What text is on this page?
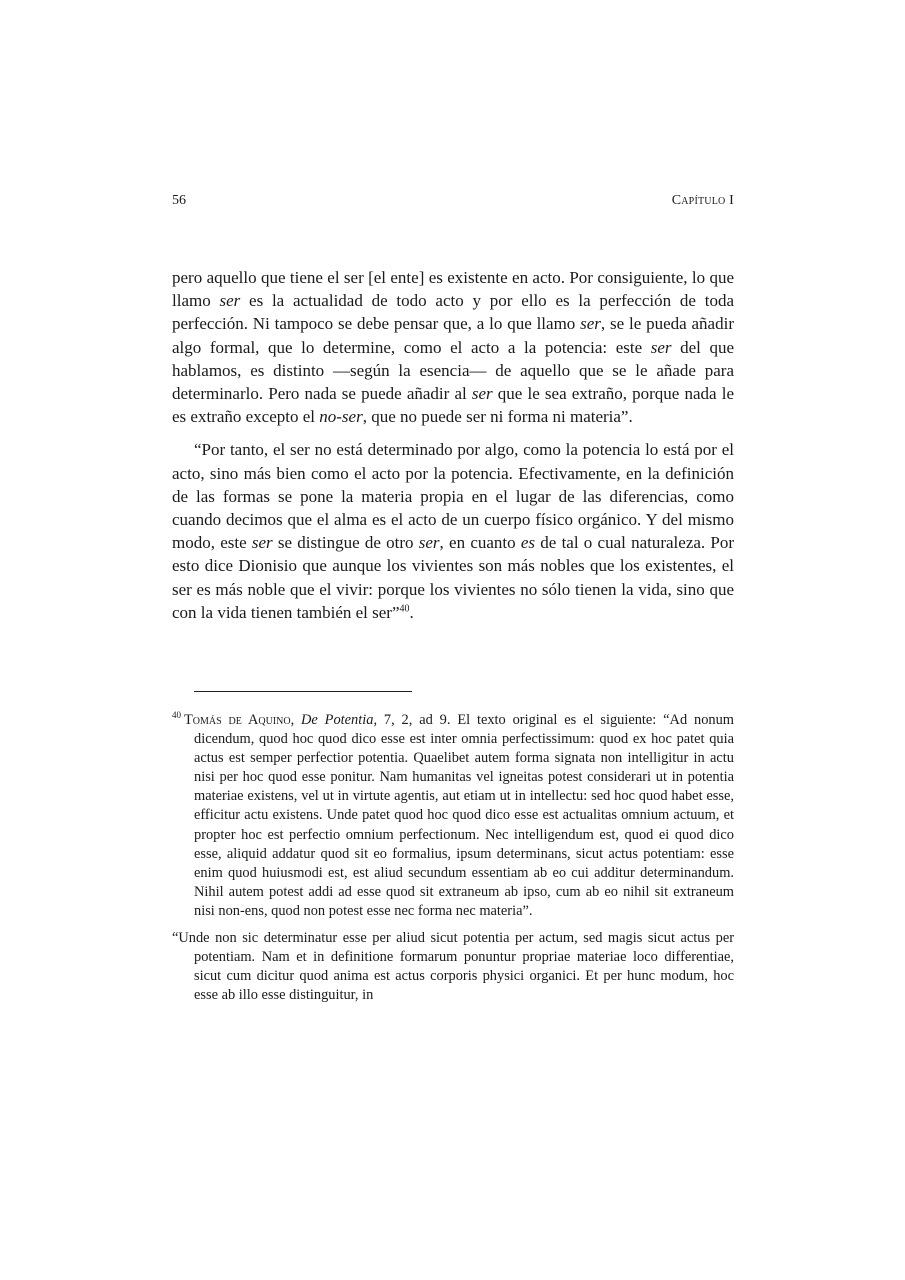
56	Capítulo I

pero aquello que tiene el ser [el ente] es existente en acto. Por consiguiente, lo que llamo ser es la actualidad de todo acto y por ello es la perfección de toda perfección. Ni tampoco se debe pensar que, a lo que llamo ser, se le pueda añadir algo formal, que lo determine, como el acto a la potencia: este ser del que hablamos, es distinto —según la esencia— de aquello que se le añade para determinarlo. Pero nada se puede añadir al ser que le sea extraño, porque nada le es extraño excepto el no-ser, que no puede ser ni forma ni materia”.

“Por tanto, el ser no está determinado por algo, como la potencia lo está por el acto, sino más bien como el acto por la potencia. Efectivamente, en la definición de las formas se pone la materia propia en el lugar de las diferencias, como cuando decimos que el alma es el acto de un cuerpo físico orgánico. Y del mismo modo, este ser se distingue de otro ser, en cuanto es de tal o cual naturaleza. Por esto dice Dionisio que aunque los vivientes son más nobles que los existentes, el ser es más noble que el vivir: porque los vivientes no sólo tienen la vida, sino que con la vida tienen también el ser”$^{40}$.

$^{40}$ Tomás de Aquino, De Potentia, 7, 2, ad 9. El texto original es el siguiente: “Ad nonum dicendum, quod hoc quod dico esse est inter omnia perfectissimum: quod ex hoc patet quia actus est semper perfectior potentia. Quaelibet autem forma signata non intelligitur in actu nisi per hoc quod esse ponitur. Nam humanitas vel igneitas potest considerari ut in potentia materiae existens, vel ut in virtute agentis, aut etiam ut in intellectu: sed hoc quod habet esse, efficitur actu existens. Unde patet quod hoc quod dico esse est actualitas omnium actuum, et propter hoc est perfectio omnium perfectionum. Nec intelligendum est, quod ei quod dico esse, aliquid addatur quod sit eo formalius, ipsum determinans, sicut actus potentiam: esse enim quod huiusmodi est, est aliud secundum essentiam ab eo cui additur determinandum. Nihil autem potest addi ad esse quod sit extraneum ab ipso, cum ab eo nihil sit extraneum nisi non-ens, quod non potest esse nec forma nec materia”.

“Unde non sic determinatur esse per aliud sicut potentia per actum, sed magis sicut actus per potentiam. Nam et in definitione formarum ponuntur propriae materiae loco differentiae, sicut cum dicitur quod anima est actus corporis physici organici. Et per hunc modum, hoc esse ab illo esse distinguitur, in
